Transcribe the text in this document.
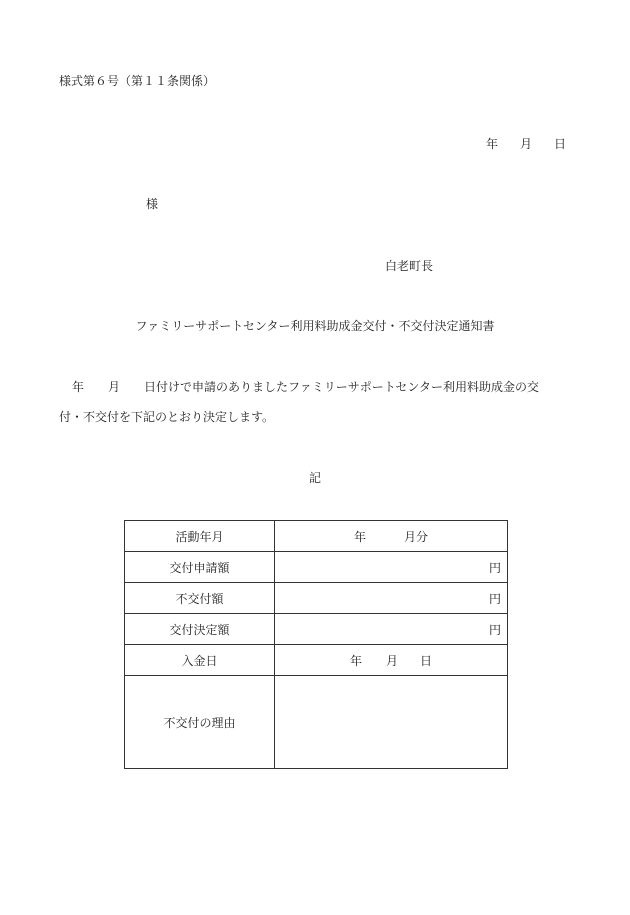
様式第６号（第１１条関係）
年 月 日
様
白老町長
ファミリーサポートセンター利用料助成金交付・不交付決定通知書
年 月 日付けで申請のありましたファミリーサポートセンター利用料助成金の交
付・不交付を下記のとおり決定します。
記
活動年月	年 月分
交付申請額	円
不交付額	円
交付決定額	円
入金日	年 月 日
不交付の理由	
